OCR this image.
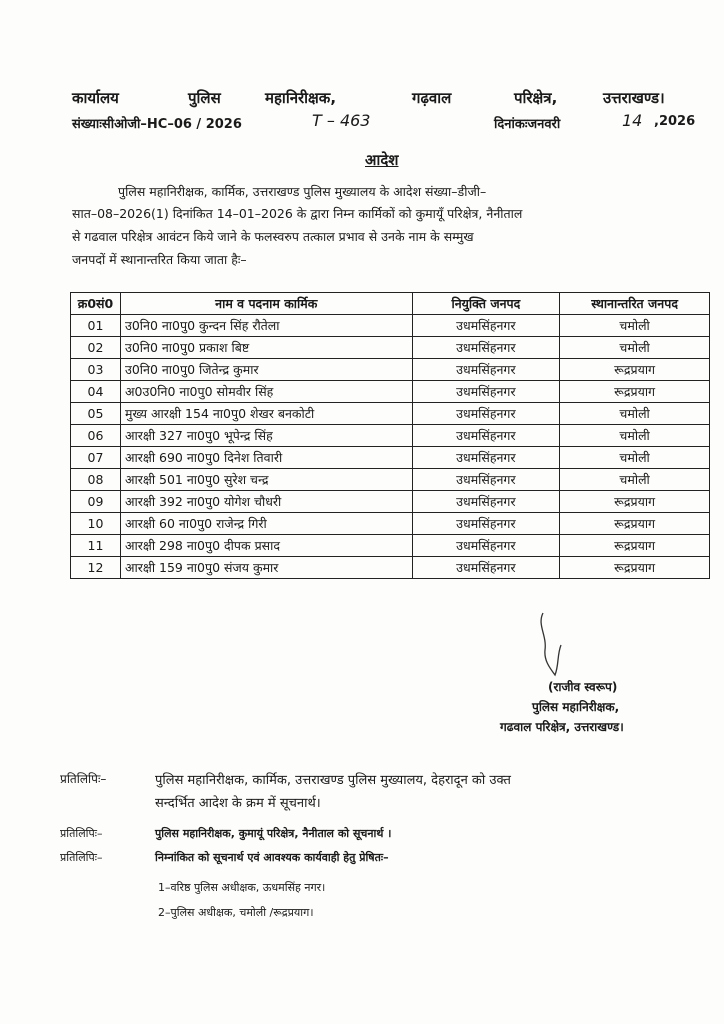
कार्यालय	पुलिस	महानिरीक्षक,	गढ़वाल	परिक्षेत्र,	उत्तराखण्ड।
संख्याःसीओजी–HC–06 / 2026	T – 463	दिनांकःजनवरी	14 ,2026
आदेश
पुलिस महानिरीक्षक, कार्मिक, उत्तराखण्ड पुलिस मुख्यालय के आदेश संख्या–डीजी–
सात–08–2026(1) दिनांकित 14–01–2026 के द्वारा निम्न कार्मिकों को कुमायूँ परिक्षेत्र, नैनीताल
से गढवाल परिक्षेत्र आवंटन किये जाने के फलस्वरुप तत्काल प्रभाव से उनके नाम के सम्मुख
जनपदों में स्थानान्तरित किया जाता हैः–
क्र0सं0	नाम व पदनाम कार्मिक	नियुक्ति जनपद	स्थानान्तरित जनपद
01	उ0नि0 ना0पु0 कुन्दन सिंह रौतेला	उधमसिंहनगर	चमोली
02	उ0नि0 ना0पु0 प्रकाश बिष्ट	उधमसिंहनगर	चमोली
03	उ0नि0 ना0पु0 जितेन्द्र कुमार	उधमसिंहनगर	रूद्रप्रयाग
04	अ0उ0नि0 ना0पु0 सोमवीर सिंह	उधमसिंहनगर	रूद्रप्रयाग
05	मुख्य आरक्षी 154 ना0पु0 शेखर बनकोटी	उधमसिंहनगर	चमोली
06	आरक्षी 327 ना0पु0 भूपेन्द्र सिंह	उधमसिंहनगर	चमोली
07	आरक्षी 690 ना0पु0 दिनेश तिवारी	उधमसिंहनगर	चमोली
08	आरक्षी 501 ना0पु0 सुरेश चन्द्र	उधमसिंहनगर	चमोली
09	आरक्षी 392 ना0पु0 योगेश चौधरी	उधमसिंहनगर	रूद्रप्रयाग
10	आरक्षी 60 ना0पु0 राजेन्द्र गिरी	उधमसिंहनगर	रूद्रप्रयाग
11	आरक्षी 298 ना0पु0 दीपक प्रसाद	उधमसिंहनगर	रूद्रप्रयाग
12	आरक्षी 159 ना0पु0 संजय कुमार	उधमसिंहनगर	रूद्रप्रयाग
(राजीव स्वरूप)
पुलिस महानिरीक्षक,
गढवाल परिक्षेत्र, उत्तराखण्ड।
प्रतिलिपिः–	पुलिस महानिरीक्षक, कार्मिक, उत्तराखण्ड पुलिस मुख्यालय, देहरादून को उक्त
सन्दर्भित आदेश के क्रम में सूचनार्थ।
प्रतिलिपिः–	पुलिस महानिरीक्षक, कुमायूं परिक्षेत्र, नैनीताल को सूचनार्थ ।
प्रतिलिपिः–	निम्नांकित को सूचनार्थ एवं आवश्यक कार्यवाही हेतु प्रेषितः–
1–वरिष्ठ पुलिस अधीक्षक, ऊधमसिंह नगर।
2–पुलिस अधीक्षक, चमोली /रूद्रप्रयाग।
